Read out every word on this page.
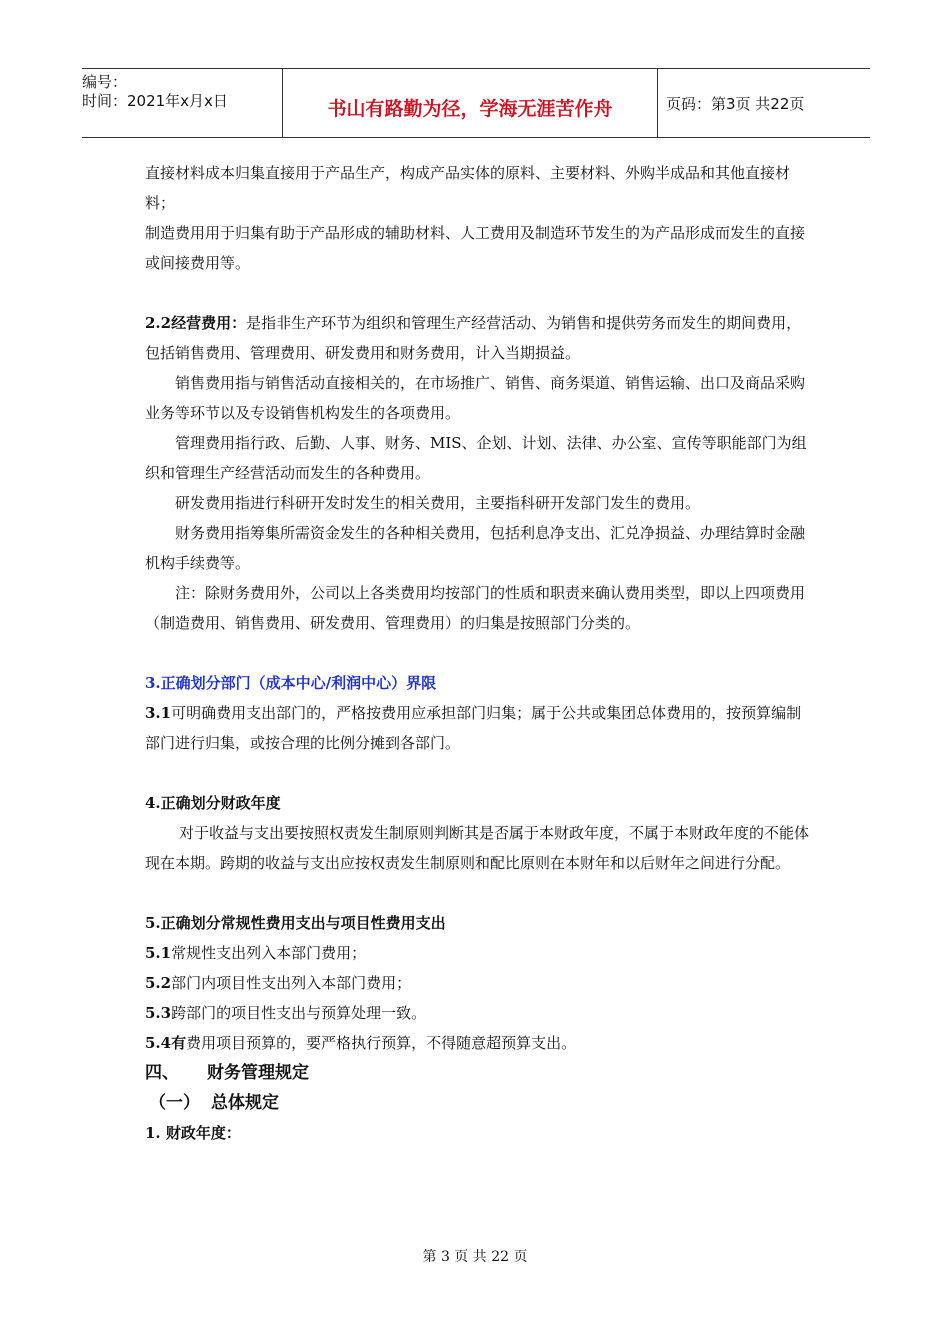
编号：
时间：2021年x月x日	书山有路勤为径，学海无涯苦作舟	页码：第3页 共22页

直接材料成本归集直接用于产品生产，构成产品实体的原料、主要材料、外购半成品和其他直接材料；

制造费用用于归集有助于产品形成的辅助材料、人工费用及制造环节发生的为产品形成而发生的直接或间接费用等。

2.2经营费用：是指非生产环节为组织和管理生产经营活动、为销售和提供劳务而发生的期间费用，包括销售费用、管理费用、研发费用和财务费用，计入当期损益。

销售费用指与销售活动直接相关的，在市场推广、销售、商务渠道、销售运输、出口及商品采购业务等环节以及专设销售机构发生的各项费用。

管理费用指行政、后勤、人事、财务、MIS、企划、计划、法律、办公室、宣传等职能部门为组织和管理生产经营活动而发生的各种费用。

研发费用指进行科研开发时发生的相关费用，主要指科研开发部门发生的费用。

财务费用指筹集所需资金发生的各种相关费用，包括利息净支出、汇兑净损益、办理结算时金融机构手续费等。

注：除财务费用外，公司以上各类费用均按部门的性质和职责来确认费用类型，即以上四项费用（制造费用、销售费用、研发费用、管理费用）的归集是按照部门分类的。

3.正确划分部门（成本中心/利润中心）界限

3.1可明确费用支出部门的，严格按费用应承担部门归集；属于公共或集团总体费用的，按预算编制部门进行归集，或按合理的比例分摊到各部门。

4.正确划分财政年度

对于收益与支出要按照权责发生制原则判断其是否属于本财政年度，不属于本财政年度的不能体现在本期。跨期的收益与支出应按权责发生制原则和配比原则在本财年和以后财年之间进行分配。

5.正确划分常规性费用支出与项目性费用支出

5.1常规性支出列入本部门费用；

5.2部门内项目性支出列入本部门费用；

5.3跨部门的项目性支出与预算处理一致。

5.4有费用项目预算的，要严格执行预算，不得随意超预算支出。

四、 财务管理规定

（一） 总体规定

1. 财政年度：

第 3 页 共 22 页
